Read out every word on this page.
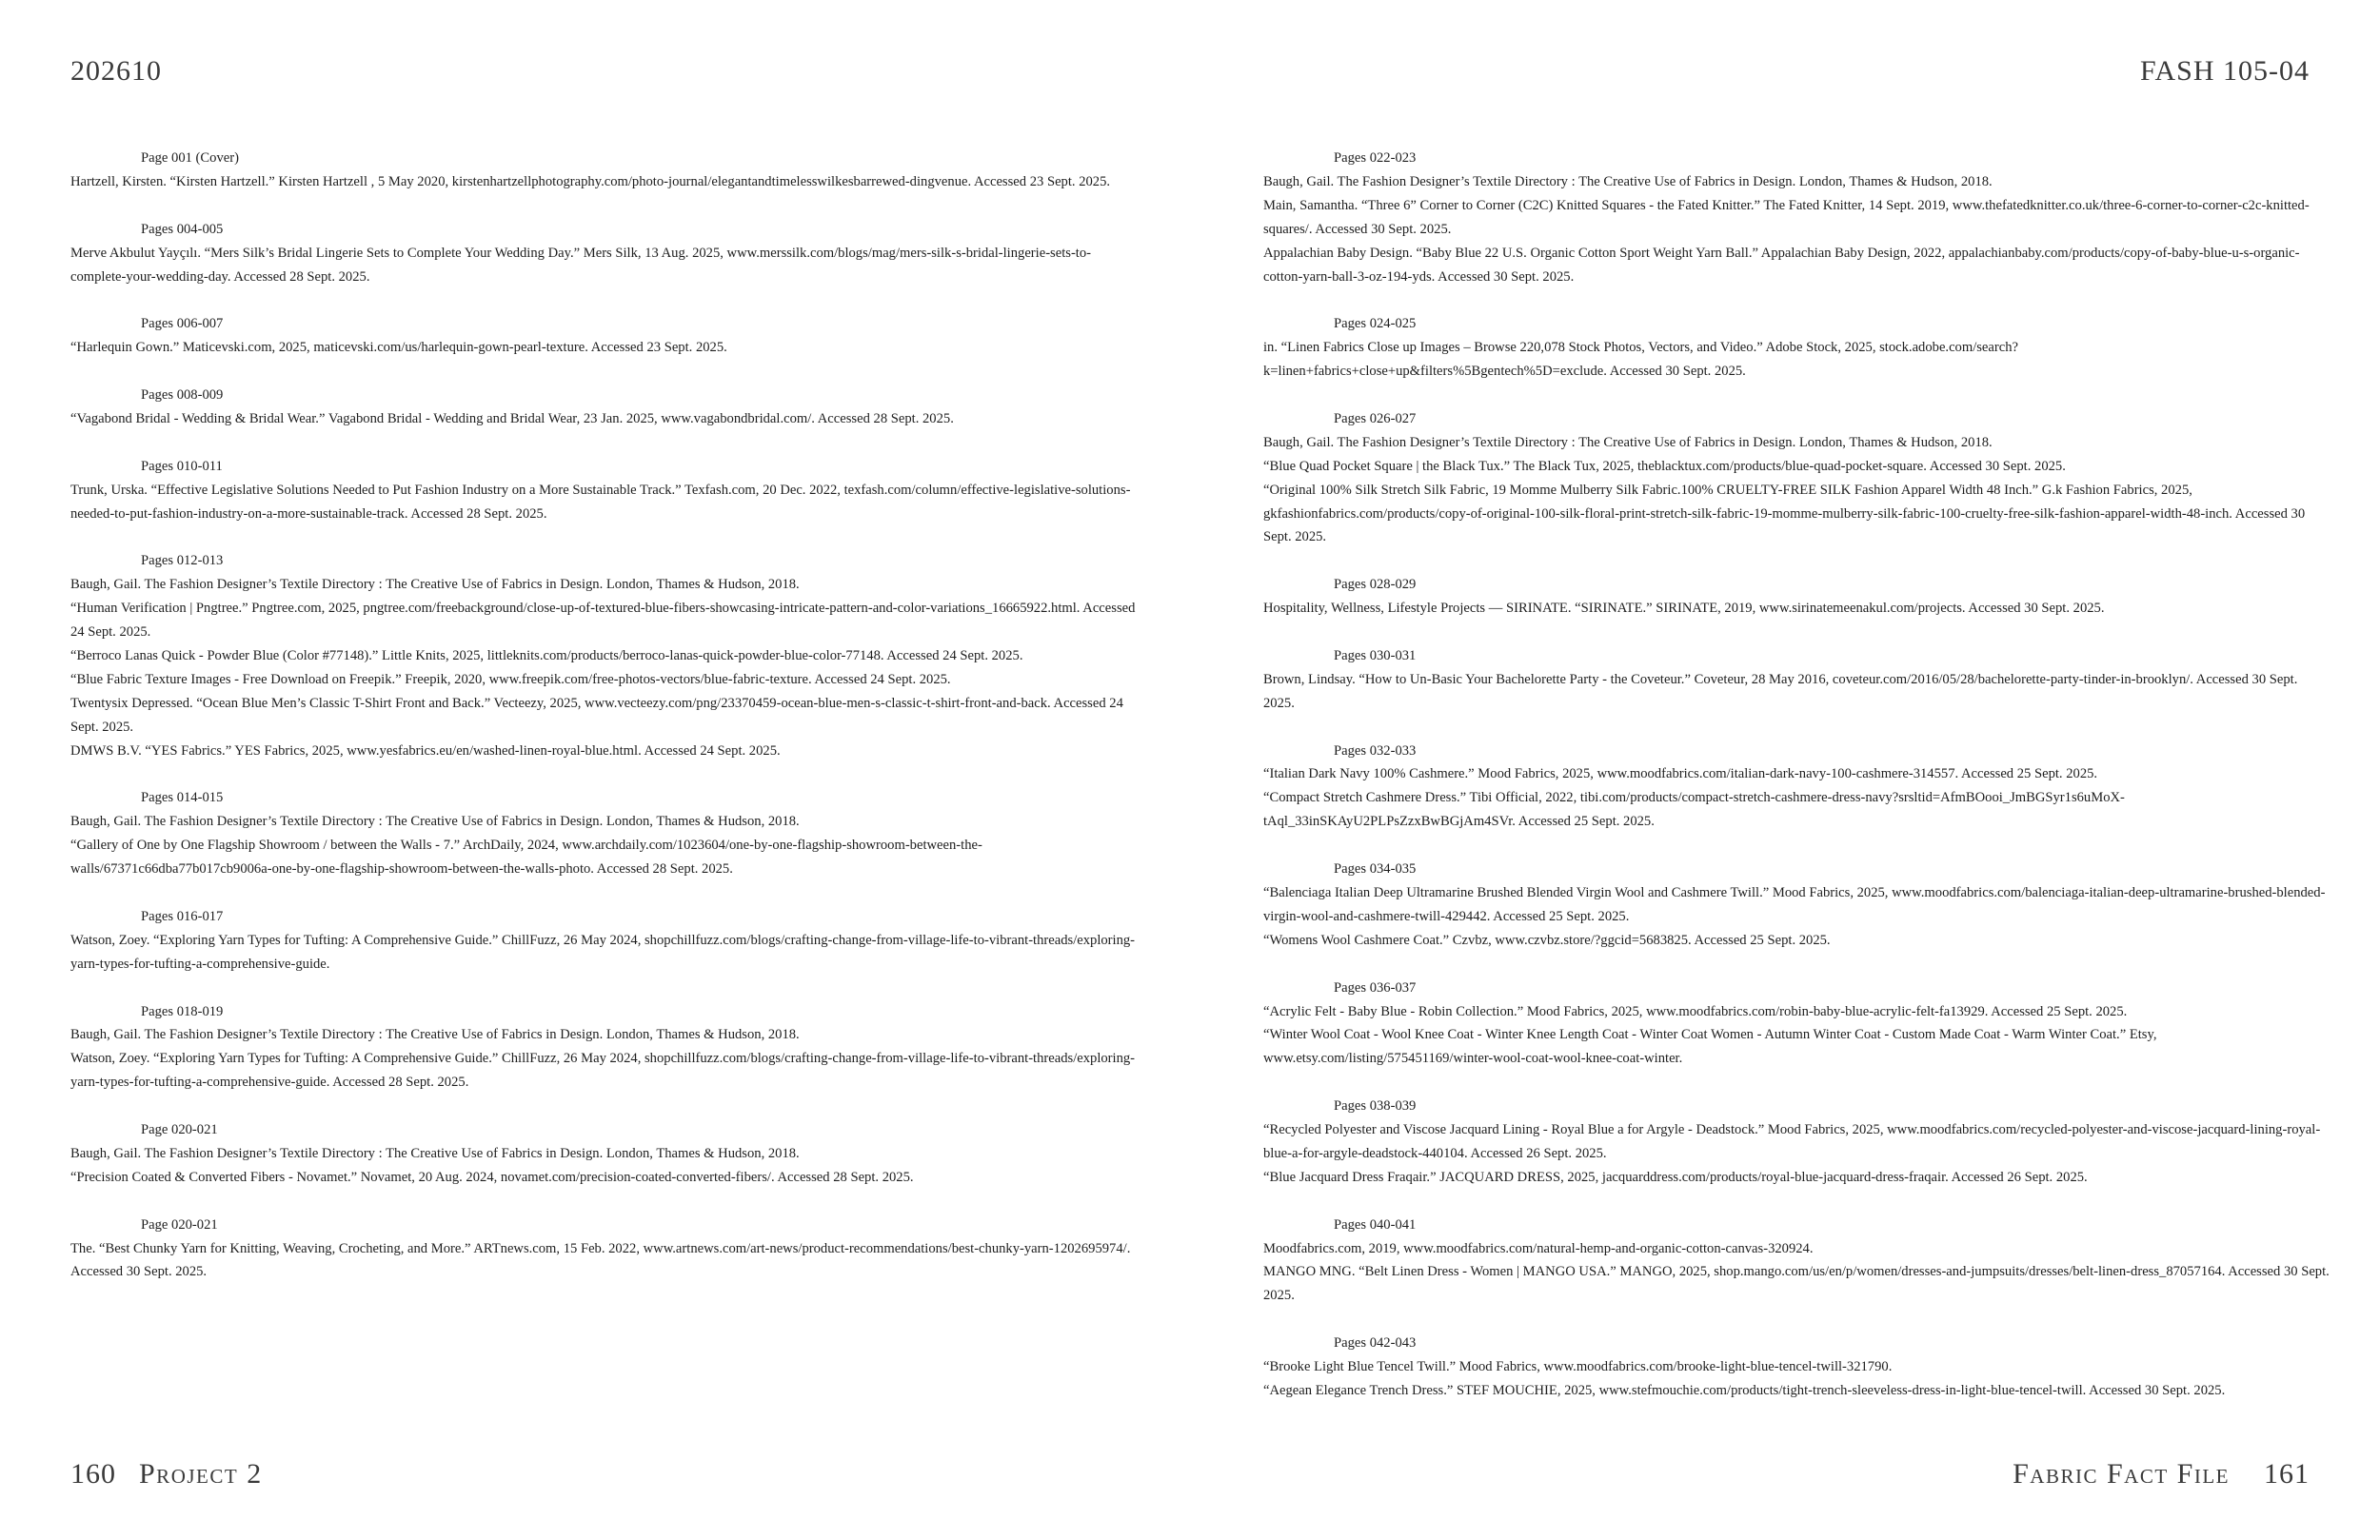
202610	FASH 105-04
Page 001 (Cover)

Hartzell, Kirsten. “Kirsten Hartzell.” Kirsten Hartzell , 5 May 2020, kirstenhartzellphotography.com/photo-journal/elegantandtimelesswilkesbarrewed-dingvenue. Accessed 23 Sept. 2025.

Pages 004-005

Merve Akbulut Yayçılı. “Mers Silk’s Bridal Lingerie Sets to Complete Your Wedding Day.” Mers Silk, 13 Aug. 2025, www.merssilk.com/blogs/mag/mers-silk-s-bridal-lingerie-sets-to-complete-your-wedding-day. Accessed 28 Sept. 2025.

Pages 006-007

“Harlequin Gown.” Maticevski.com, 2025, maticevski.com/us/harlequin-gown-pearl-texture. Accessed 23 Sept. 2025.

Pages 008-009

“Vagabond Bridal - Wedding & Bridal Wear.” Vagabond Bridal - Wedding and Bridal Wear, 23 Jan. 2025, www.vagabondbridal.com/. Accessed 28 Sept. 2025.

Pages 010-011

Trunk, Urska. “Effective Legislative Solutions Needed to Put Fashion Industry on a More Sustainable Track.” Texfash.com, 20 Dec. 2022, texfash.com/column/effective-legislative-solutions-needed-to-put-fashion-industry-on-a-more-sustainable-track. Accessed 28 Sept. 2025.

Pages 012-013

Baugh, Gail. The Fashion Designer’s Textile Directory : The Creative Use of Fabrics in Design. London, Thames & Hudson, 2018.

“Human Verification | Pngtree.” Pngtree.com, 2025, pngtree.com/freebackground/close-up-of-textured-blue-fibers-showcasing-intricate-pattern-and-color-variations_16665922.html. Accessed 24 Sept. 2025.

“Berroco Lanas Quick - Powder Blue (Color #77148).” Little Knits, 2025, littleknits.com/products/berroco-lanas-quick-powder-blue-color-77148. Accessed 24 Sept. 2025.

“Blue Fabric Texture Images - Free Download on Freepik.” Freepik, 2020, www.freepik.com/free-photos-vectors/blue-fabric-texture. Accessed 24 Sept. 2025.

Twentysix Depressed. “Ocean Blue Men’s Classic T-Shirt Front and Back.” Vecteezy, 2025, www.vecteezy.com/png/23370459-ocean-blue-men-s-classic-t-shirt-front-and-back. Accessed 24 Sept. 2025.

DMWS B.V. “YES Fabrics.” YES Fabrics, 2025, www.yesfabrics.eu/en/washed-linen-royal-blue.html. Accessed 24 Sept. 2025.

Pages 014-015

Baugh, Gail. The Fashion Designer’s Textile Directory : The Creative Use of Fabrics in Design. London, Thames & Hudson, 2018.

“Gallery of One by One Flagship Showroom / between the Walls - 7.” ArchDaily, 2024, www.archdaily.com/1023604/one-by-one-flagship-showroom-between-the-walls/67371c66dba77b017cb9006a-one-by-one-flagship-showroom-between-the-walls-photo. Accessed 28 Sept. 2025.

Pages 016-017

Watson, Zoey. “Exploring Yarn Types for Tufting: A Comprehensive Guide.” ChillFuzz, 26 May 2024, shopchillfuzz.com/blogs/crafting-change-from-village-life-to-vibrant-threads/exploring-yarn-types-for-tufting-a-comprehensive-guide.

Pages 018-019

Baugh, Gail. The Fashion Designer’s Textile Directory : The Creative Use of Fabrics in Design. London, Thames & Hudson, 2018.

Watson, Zoey. “Exploring Yarn Types for Tufting: A Comprehensive Guide.” ChillFuzz, 26 May 2024, shopchillfuzz.com/blogs/crafting-change-from-village-life-to-vibrant-threads/exploring-yarn-types-for-tufting-a-comprehensive-guide. Accessed 28 Sept. 2025.

Page 020-021

Baugh, Gail. The Fashion Designer’s Textile Directory : The Creative Use of Fabrics in Design. London, Thames & Hudson, 2018.

“Precision Coated & Converted Fibers - Novamet.” Novamet, 20 Aug. 2024, novamet.com/precision-coated-converted-fibers/. Accessed 28 Sept. 2025.

Page 020-021

The. “Best Chunky Yarn for Knitting, Weaving, Crocheting, and More.” ARTnews.com, 15 Feb. 2022, www.artnews.com/art-news/product-recommendations/best-chunky-yarn-1202695974/. Accessed 30 Sept. 2025.

Pages 022-023

Baugh, Gail. The Fashion Designer’s Textile Directory : The Creative Use of Fabrics in Design. London, Thames & Hudson, 2018.

Main, Samantha. “Three 6” Corner to Corner (C2C) Knitted Squares - the Fated Knitter.” The Fated Knitter, 14 Sept. 2019, www.thefatedknitter.co.uk/three-6-corner-to-corner-c2c-knitted-squares/. Accessed 30 Sept. 2025.

Appalachian Baby Design. “Baby Blue 22 U.S. Organic Cotton Sport Weight Yarn Ball.” Appalachian Baby Design, 2022, appalachianbaby.com/products/copy-of-baby-blue-u-s-organic-cotton-yarn-ball-3-oz-194-yds. Accessed 30 Sept. 2025.

Pages 024-025

in. “Linen Fabrics Close up Images – Browse 220,078 Stock Photos, Vectors, and Video.” Adobe Stock, 2025, stock.adobe.com/search?k=linen+fabrics+close+up&filters%5Bgentech%5D=exclude. Accessed 30 Sept. 2025.

Pages 026-027

Baugh, Gail. The Fashion Designer’s Textile Directory : The Creative Use of Fabrics in Design. London, Thames & Hudson, 2018.

“Blue Quad Pocket Square | the Black Tux.” The Black Tux, 2025, theblacktux.com/products/blue-quad-pocket-square. Accessed 30 Sept. 2025.

“Original 100% Silk Stretch Silk Fabric, 19 Momme Mulberry Silk Fabric.100% CRUELTY-FREE SILK Fashion Apparel Width 48 Inch.” G.k Fashion Fabrics, 2025, gkfashionfabrics.com/products/copy-of-original-100-silk-floral-print-stretch-silk-fabric-19-momme-mulberry-silk-fabric-100-cruelty-free-silk-fashion-apparel-width-48-inch. Accessed 30 Sept. 2025.

Pages 028-029

Hospitality, Wellness, Lifestyle Projects — SIRINATE. “SIRINATE.” SIRINATE, 2019, www.sirinatemeenakul.com/projects. Accessed 30 Sept. 2025.

Pages 030-031

Brown, Lindsay. “How to Un-Basic Your Bachelorette Party - the Coveteur.” Coveteur, 28 May 2016, coveteur.com/2016/05/28/bachelorette-party-tinder-in-brooklyn/. Accessed 30 Sept. 2025.

Pages 032-033

“Italian Dark Navy 100% Cashmere.” Mood Fabrics, 2025, www.moodfabrics.com/italian-dark-navy-100-cashmere-314557. Accessed 25 Sept. 2025.

“Compact Stretch Cashmere Dress.” Tibi Official, 2022, tibi.com/products/compact-stretch-cashmere-dress-navy?srsltid=AfmBOooi_JmBGSyr1s6uMoX-tAql_33inSKAyU2PLPsZzxBwBGjAm4SVr. Accessed 25 Sept. 2025.

Pages 034-035

“Balenciaga Italian Deep Ultramarine Brushed Blended Virgin Wool and Cashmere Twill.” Mood Fabrics, 2025, www.moodfabrics.com/balenciaga-italian-deep-ultramarine-brushed-blended-virgin-wool-and-cashmere-twill-429442. Accessed 25 Sept. 2025.

“Womens Wool Cashmere Coat.” Czvbz, www.czvbz.store/?ggcid=5683825. Accessed 25 Sept. 2025.

Pages 036-037

“Acrylic Felt - Baby Blue - Robin Collection.” Mood Fabrics, 2025, www.moodfabrics.com/robin-baby-blue-acrylic-felt-fa13929. Accessed 25 Sept. 2025.

“Winter Wool Coat - Wool Knee Coat - Winter Knee Length Coat - Winter Coat Women - Autumn Winter Coat - Custom Made Coat - Warm Winter Coat.” Etsy, www.etsy.com/listing/575451169/winter-wool-coat-wool-knee-coat-winter.

Pages 038-039

“Recycled Polyester and Viscose Jacquard Lining - Royal Blue a for Argyle - Deadstock.” Mood Fabrics, 2025, www.moodfabrics.com/recycled-polyester-and-viscose-jacquard-lining-royal-blue-a-for-argyle-deadstock-440104. Accessed 26 Sept. 2025.

“Blue Jacquard Dress Fraqair.” JACQUARD DRESS, 2025, jacquarddress.com/products/royal-blue-jacquard-dress-fraqair. Accessed 26 Sept. 2025.

Pages 040-041

Moodfabrics.com, 2019, www.moodfabrics.com/natural-hemp-and-organic-cotton-canvas-320924.

MANGO MNG. “Belt Linen Dress - Women | MANGO USA.” MANGO, 2025, shop.mango.com/us/en/p/women/dresses-and-jumpsuits/dresses/belt-linen-dress_87057164. Accessed 30 Sept. 2025.

Pages 042-043

“Brooke Light Blue Tencel Twill.” Mood Fabrics, www.moodfabrics.com/brooke-light-blue-tencel-twill-321790.

“Aegean Elegance Trench Dress.” STEF MOUCHIE, 2025, www.stefmouchie.com/products/tight-trench-sleeveless-dress-in-light-blue-tencel-twill. Accessed 30 Sept. 2025.

160 Project 2	Fabric Fact File 161
